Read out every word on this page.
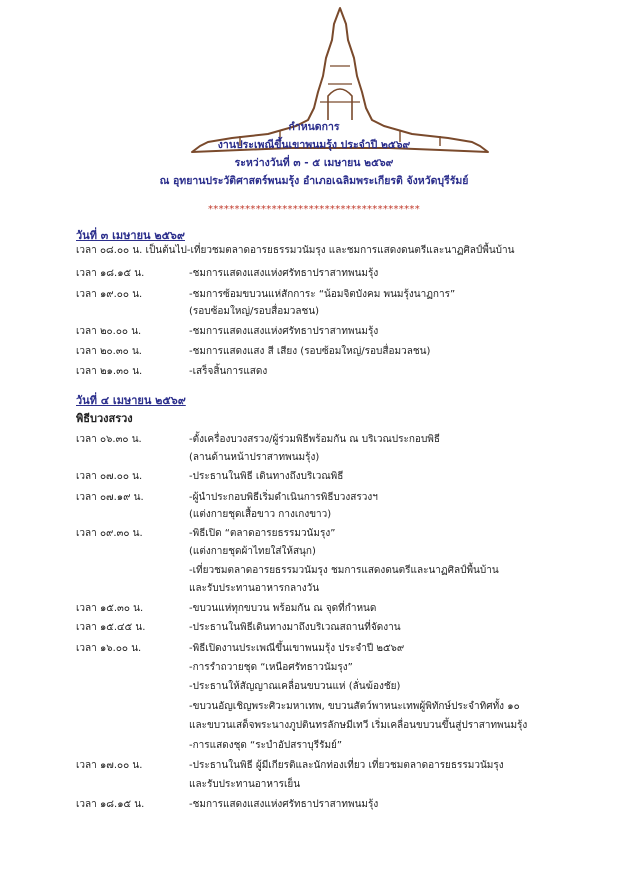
กำหนดการ
งานประเพณีขึ้นเขาพนมรุ้ง ประจำปี ๒๕๖๙
ระหว่างวันที่ ๓ - ๕ เมษายน ๒๕๖๙
ณ อุทยานประวัติศาสตร์พนมรุ้ง อำเภอเฉลิมพระเกียรติ จังหวัดบุรีรัมย์
****************************************
วันที่ ๓ เมษายน ๒๕๖๙
เวลา ๐๘.๐๐ น. เป็นต้นไป-เที่ยวชมตลาดอารยธรรมวนัมรุง และชมการแสดงดนตรีและนาฏศิลป์พื้นบ้าน
เวลา ๑๘.๑๕ น.	-ชมการแสดงแสงแห่งศรัทธาปราสาทพนมรุ้ง
เวลา ๑๙.๐๐ น.	-ชมการซ้อมขบวนแห่สักการะ “น้อมจิตบังคม พนมรุ้งนาฏการ”
(รอบซ้อมใหญ่/รอบสื่อมวลชน)
เวลา ๒๐.๐๐ น.	-ชมการแสดงแสงแห่งศรัทธาปราสาทพนมรุ้ง
เวลา ๒๐.๓๐ น.	-ชมการแสดงแสง สี เสียง (รอบซ้อมใหญ่/รอบสื่อมวลชน)
เวลา ๒๑.๓๐ น.	-เสร็จสิ้นการแสดง
วันที่ ๔ เมษายน ๒๕๖๙
พิธีบวงสรวง
เวลา ๐๖.๓๐ น.	-ตั้งเครื่องบวงสรวง/ผู้ร่วมพิธีพร้อมกัน ณ บริเวณประกอบพิธี
(ลานด้านหน้าปราสาทพนมรุ้ง)
เวลา ๐๗.๐๐ น.	-ประธานในพิธี เดินทางถึงบริเวณพิธี
เวลา ๐๗.๑๙ น.	-ผู้นำประกอบพิธีเริ่มดำเนินการพิธีบวงสรวงฯ
(แต่งกายชุดเสื้อขาว กางเกงขาว)
เวลา ๐๙.๓๐ น.	-พิธีเปิด “ตลาดอารยธรรมวนัมรุง”
(แต่งกายชุดผ้าไทยใส่ให้สนุก)
-เที่ยวชมตลาดอารยธรรมวนัมรุง ชมการแสดงดนตรีและนาฏศิลป์พื้นบ้าน
และรับประทานอาหารกลางวัน
เวลา ๑๕.๓๐ น.	-ขบวนแห่ทุกขบวน พร้อมกัน ณ จุดที่กำหนด
เวลา ๑๕.๔๕ น.	-ประธานในพิธีเดินทางมาถึงบริเวณสถานที่จัดงาน
เวลา ๑๖.๐๐ น.	-พิธีเปิดงานประเพณีขึ้นเขาพนมรุ้ง ประจำปี ๒๕๖๙
-การรำถวายชุด “เหนือศรัทธาวนัมรุง”
-ประธานให้สัญญาณเคลื่อนขบวนแห่ (ลั่นฆ้องชัย)
-ขบวนอัญเชิญพระศิวะมหาเทพ, ขบวนสัตว์พาหนะเทพผู้พิทักษ์ประจำทิศทั้ง ๑๐
และขบวนเสด็จพระนางภูปตินทรลักษมีเทวี เริ่มเคลื่อนขบวนขึ้นสู่ปราสาทพนมรุ้ง
-การแสดงชุด “ระบำอัปสราบุรีรัมย์”
เวลา ๑๗.๐๐ น.	-ประธานในพิธี ผู้มีเกียรติและนักท่องเที่ยว เที่ยวชมตลาดอารยธรรมวนัมรุง
และรับประทานอาหารเย็น
เวลา ๑๘.๑๕ น.	-ชมการแสดงแสงแห่งศรัทธาปราสาทพนมรุ้ง
